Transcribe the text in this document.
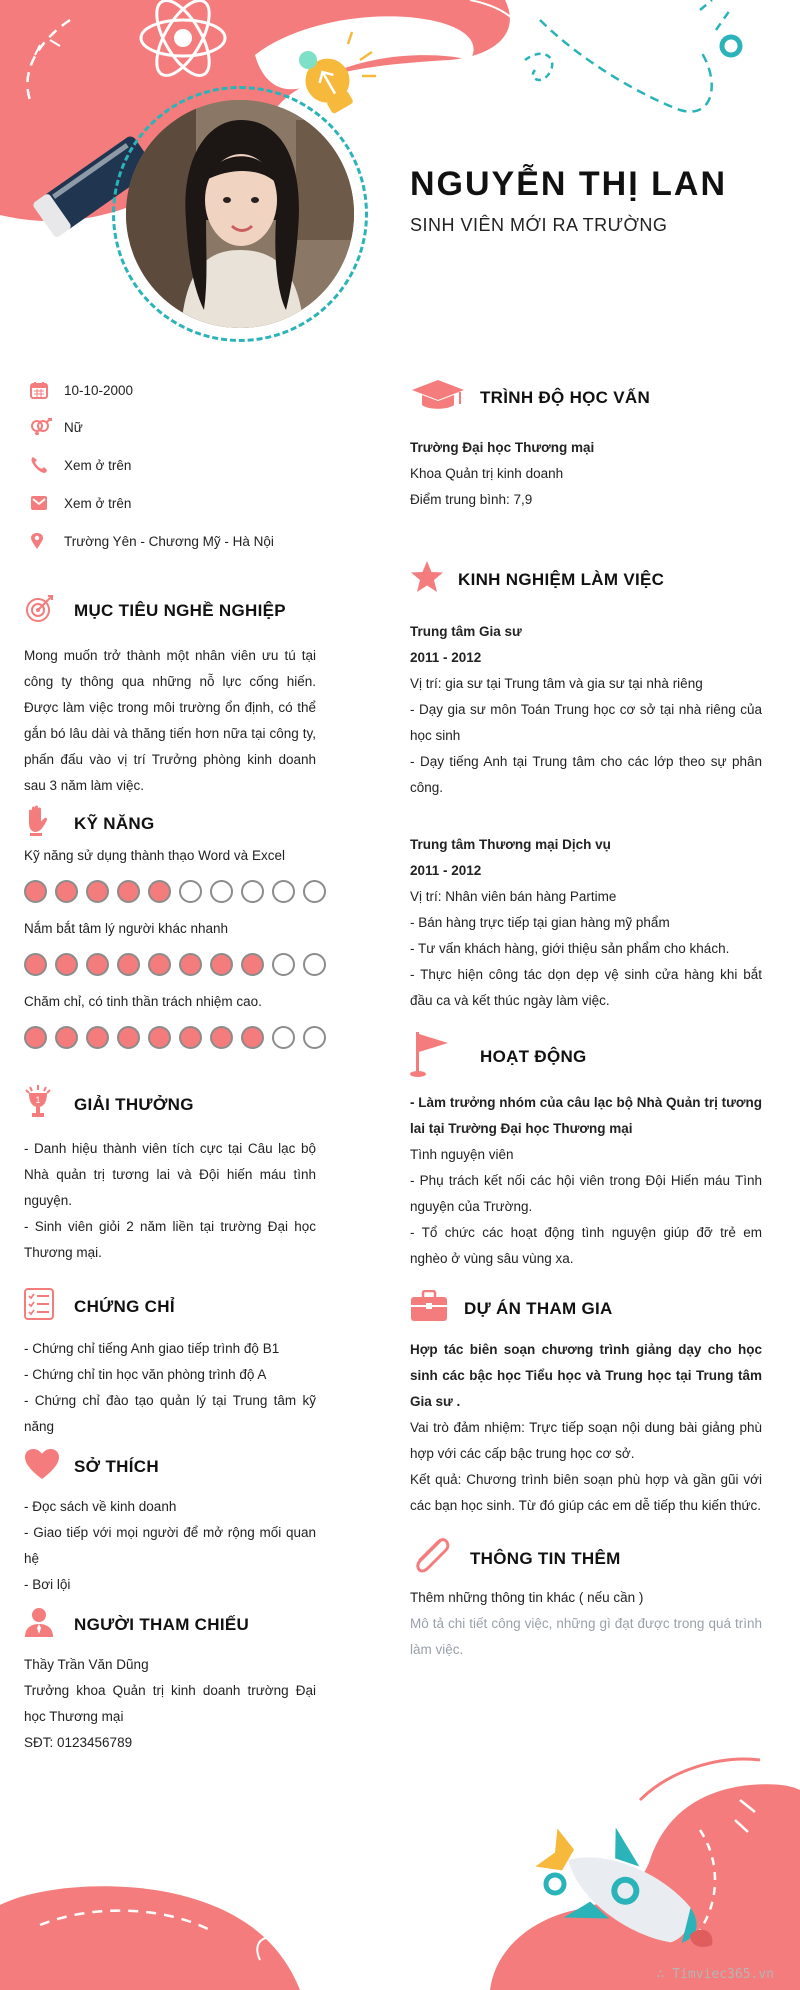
NGUYỄN THỊ LAN
SINH VIÊN MỚI RA TRƯỜNG
10-10-2000
Nữ
Xem ở trên
Xem ở trên
Trường Yên - Chương Mỹ - Hà Nội
MỤC TIÊU NGHỀ NGHIỆP
Mong muốn trở thành một nhân viên ưu tú tại công ty thông qua những nỗ lực cống hiến. Được làm việc trong môi trường ổn định, có thể gắn bó lâu dài và thăng tiến hơn nữa tại công ty, phấn đấu vào vị trí Trưởng phòng kinh doanh sau 3 năm làm việc.
KỸ NĂNG
Kỹ năng sử dụng thành thạo Word và Excel
Nắm bắt tâm lý người khác nhanh
Chăm chỉ, có tinh thần trách nhiệm cao.
1 GIẢI THƯỞNG
- Danh hiệu thành viên tích cực tại Câu lạc bộ Nhà quản trị tương lai và Đội hiến máu tình nguyện.
- Sinh viên giỏi 2 năm liền tại trường Đại học Thương mại.
CHỨNG CHỈ
- Chứng chỉ tiếng Anh giao tiếp trình độ B1
- Chứng chỉ tin học văn phòng trình độ A
- Chứng chỉ đào tạo quản lý tại Trung tâm kỹ năng
SỞ THÍCH
- Đọc sách về kinh doanh
- Giao tiếp với mọi người để mở rộng mối quan hệ
- Bơi lội
NGƯỜI THAM CHIẾU
Thầy Trần Văn Dũng
Trưởng khoa Quản trị kinh doanh trường Đại học Thương mại
SĐT: 0123456789
TRÌNH ĐỘ HỌC VẤN
Trường Đại học Thương mại
Khoa Quản trị kinh doanh
Điểm trung bình: 7,9
KINH NGHIỆM LÀM VIỆC
Trung tâm Gia sư
2011 - 2012
Vị trí: gia sư tại Trung tâm và gia sư tại nhà riêng
- Dạy gia sư môn Toán Trung học cơ sở tại nhà riêng của học sinh
- Dạy tiếng Anh tại Trung tâm cho các lớp theo sự phân công.
Trung tâm Thương mại Dịch vụ
2011 - 2012
Vị trí: Nhân viên bán hàng Partime
- Bán hàng trực tiếp tại gian hàng mỹ phẩm
- Tư vấn khách hàng, giới thiệu sản phẩm cho khách.
- Thực hiện công tác dọn dẹp vệ sinh cửa hàng khi bắt đầu ca và kết thúc ngày làm việc.
HOẠT ĐỘNG
- Làm trưởng nhóm của câu lạc bộ Nhà Quản trị tương lai tại Trường Đại học Thương mại
Tình nguyện viên
- Phụ trách kết nối các hội viên trong Đội Hiến máu Tình nguyện của Trường.
- Tổ chức các hoạt động tình nguyện giúp đỡ trẻ em nghèo ở vùng sâu vùng xa.
DỰ ÁN THAM GIA
Hợp tác biên soạn chương trình giảng dạy cho học sinh các bậc học Tiểu học và Trung học tại Trung tâm Gia sư .
Vai trò đảm nhiệm: Trực tiếp soạn nội dung bài giảng phù hợp với các cấp bậc trung học cơ sở.
Kết quả: Chương trình biên soạn phù hợp và gần gũi với các bạn học sinh. Từ đó giúp các em dễ tiếp thu kiến thức.
THÔNG TIN THÊM
Thêm những thông tin khác ( nếu cần )
Mô tả chi tiết công việc, những gì đạt được trong quá trình làm việc.
∴ Timviec365.vn
